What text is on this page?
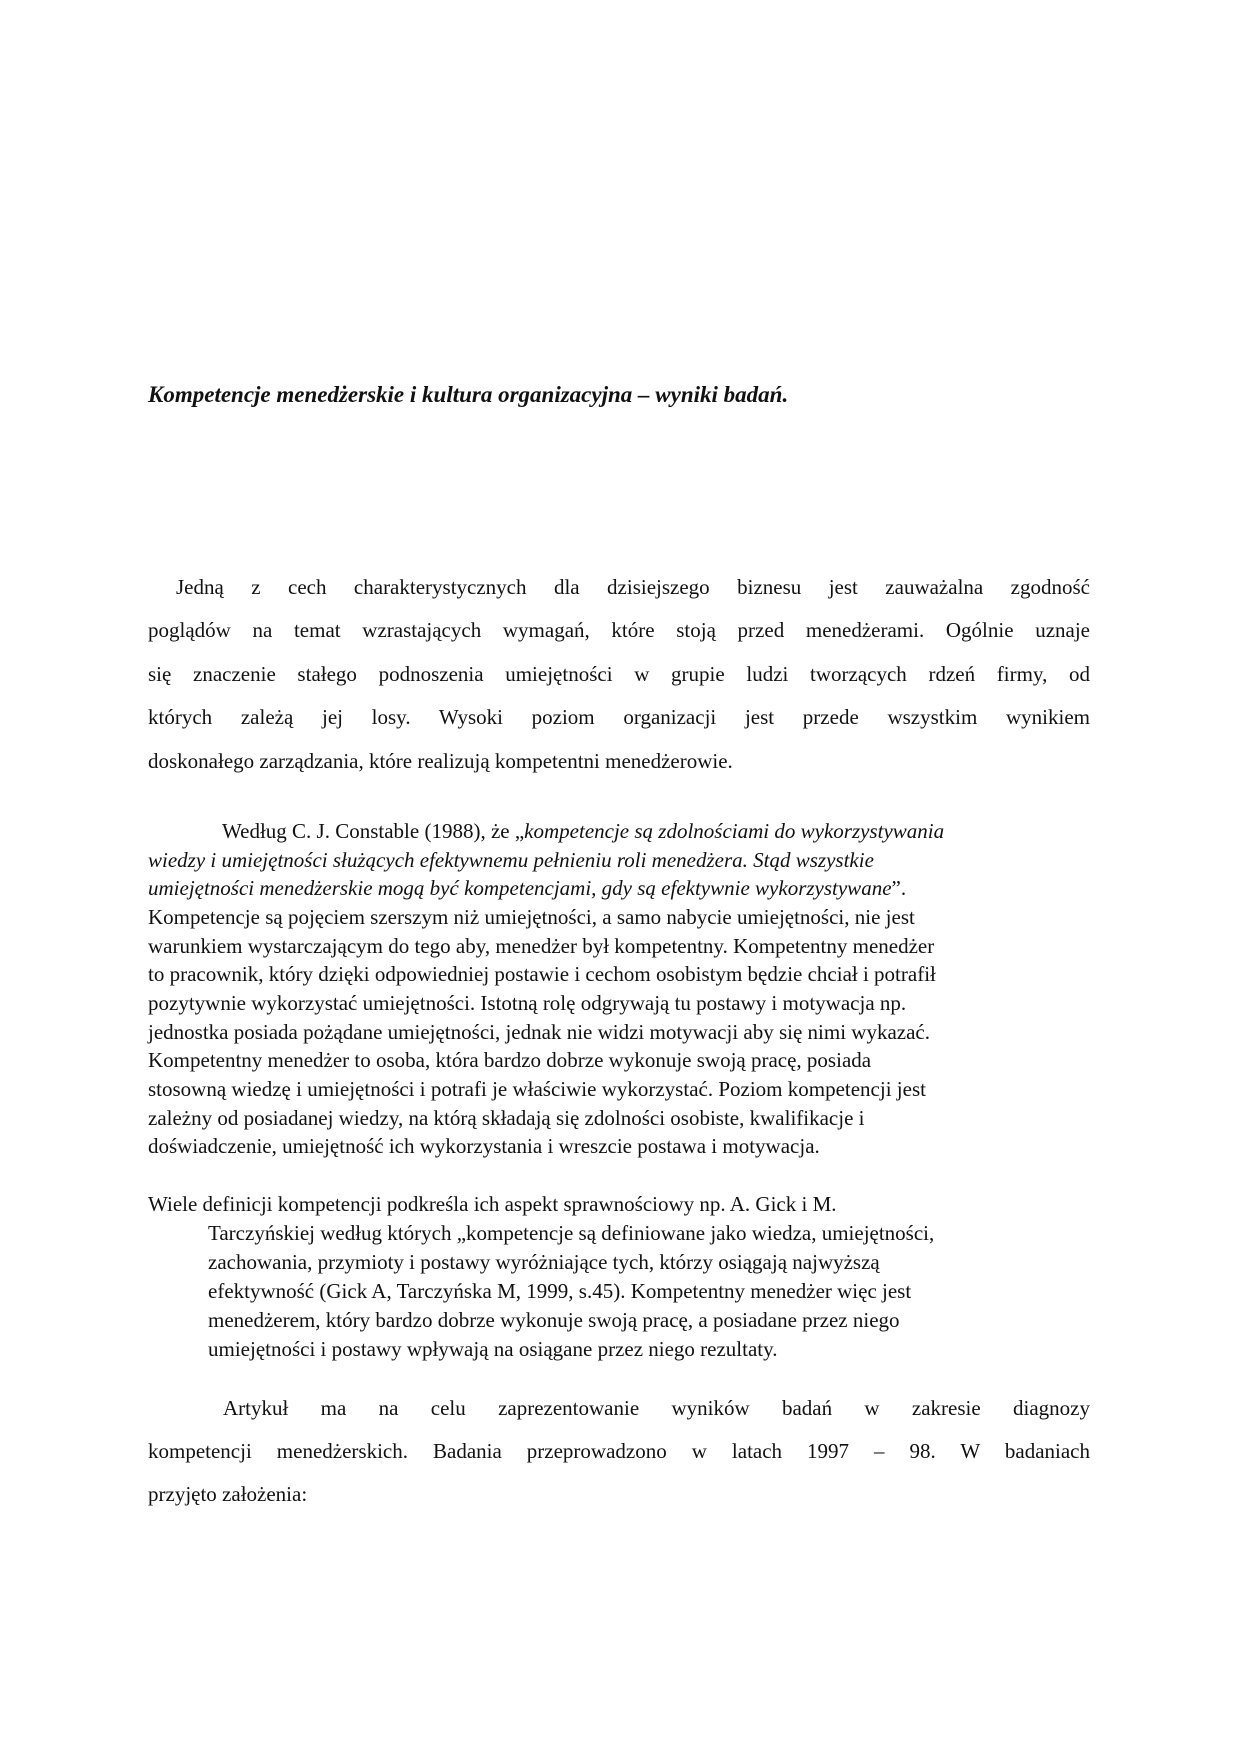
Kompetencje menedżerskie i kultura organizacyjna – wyniki badań.
Jedną z cech charakterystycznych dla dzisiejszego biznesu jest zauważalna zgodność
poglądów na temat wzrastających wymagań, które stoją przed menedżerami. Ogólnie uznaje
się znaczenie stałego podnoszenia umiejętności w grupie ludzi tworzących rdzeń firmy, od
których zależą jej losy. Wysoki poziom organizacji jest przede wszystkim wynikiem
doskonałego zarządzania, które realizują kompetentni menedżerowie.
Według C. J. Constable (1988), że „kompetencje są zdolnościami do wykorzystywania
wiedzy i umiejętności służących efektywnemu pełnieniu roli menedżera. Stąd wszystkie
umiejętności menedżerskie mogą być kompetencjami, gdy są efektywnie wykorzystywane”.
Kompetencje są pojęciem szerszym niż umiejętności, a samo nabycie umiejętności, nie jest
warunkiem wystarczającym do tego aby, menedżer był kompetentny. Kompetentny menedżer
to pracownik, który dzięki odpowiedniej postawie i cechom osobistym będzie chciał i potrafił
pozytywnie wykorzystać umiejętności. Istotną rolę odgrywają tu postawy i motywacja np.
jednostka posiada pożądane umiejętności, jednak nie widzi motywacji aby się nimi wykazać.
Kompetentny menedżer to osoba, która bardzo dobrze wykonuje swoją pracę, posiada
stosowną wiedzę i umiejętności i potrafi je właściwie wykorzystać. Poziom kompetencji jest
zależny od posiadanej wiedzy, na którą składają się zdolności osobiste, kwalifikacje i
doświadczenie, umiejętność ich wykorzystania i wreszcie postawa i motywacja.
Wiele definicji kompetencji podkreśla ich aspekt sprawnościowy np. A. Gick i M.
Tarczyńskiej według których „kompetencje są definiowane jako wiedza, umiejętności,
zachowania, przymioty i postawy wyróżniające tych, którzy osiągają najwyższą
efektywność (Gick A, Tarczyńska M, 1999, s.45). Kompetentny menedżer więc jest
menedżerem, który bardzo dobrze wykonuje swoją pracę, a posiadane przez niego
umiejętności i postawy wpływają na osiągane przez niego rezultaty.
Artykuł ma na celu zaprezentowanie wyników badań w zakresie diagnozy
kompetencji menedżerskich. Badania przeprowadzono w latach 1997 – 98. W badaniach
przyjęto założenia:
